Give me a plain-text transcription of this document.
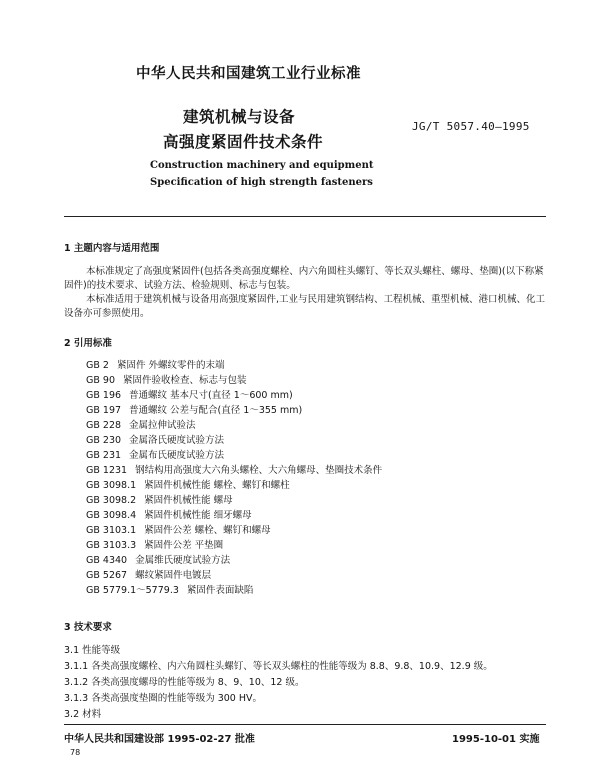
中华人民共和国建筑工业行业标准
建筑机械与设备
高强度紧固件技术条件
JG/T 5057.40—1995
Construction machinery and equipment
Specification of high strength fasteners
1 主题内容与适用范围
本标准规定了高强度紧固件(包括各类高强度螺栓、内六角圆柱头螺钉、等长双头螺柱、螺母、垫圈)(以下称紧固件)的技术要求、试验方法、检验规则、标志与包装。
本标准适用于建筑机械与设备用高强度紧固件,工业与民用建筑钢结构、工程机械、重型机械、港口机械、化工设备亦可参照使用。
2 引用标准
GB 2 紧固件 外螺纹零件的末端
GB 90 紧固件验收检查、标志与包装
GB 196 普通螺纹 基本尺寸(直径 1～600 mm)
GB 197 普通螺纹 公差与配合(直径 1～355 mm)
GB 228 金属拉伸试验法
GB 230 金属洛氏硬度试验方法
GB 231 金属布氏硬度试验方法
GB 1231 钢结构用高强度大六角头螺栓、大六角螺母、垫圈技术条件
GB 3098.1 紧固件机械性能 螺栓、螺钉和螺柱
GB 3098.2 紧固件机械性能 螺母
GB 3098.4 紧固件机械性能 细牙螺母
GB 3103.1 紧固件公差 螺栓、螺钉和螺母
GB 3103.3 紧固件公差 平垫圈
GB 4340 金属维氏硬度试验方法
GB 5267 螺纹紧固件电镀层
GB 5779.1～5779.3 紧固件表面缺陷
3 技术要求
3.1 性能等级
3.1.1 各类高强度螺栓、内六角圆柱头螺钉、等长双头螺柱的性能等级为 8.8、9.8、10.9、12.9 级。
3.1.2 各类高强度螺母的性能等级为 8、9、10、12 级。
3.1.3 各类高强度垫圈的性能等级为 300 HV。
3.2 材料
中华人民共和国建设部 1995-02-27 批准	1995-10-01 实施
78
